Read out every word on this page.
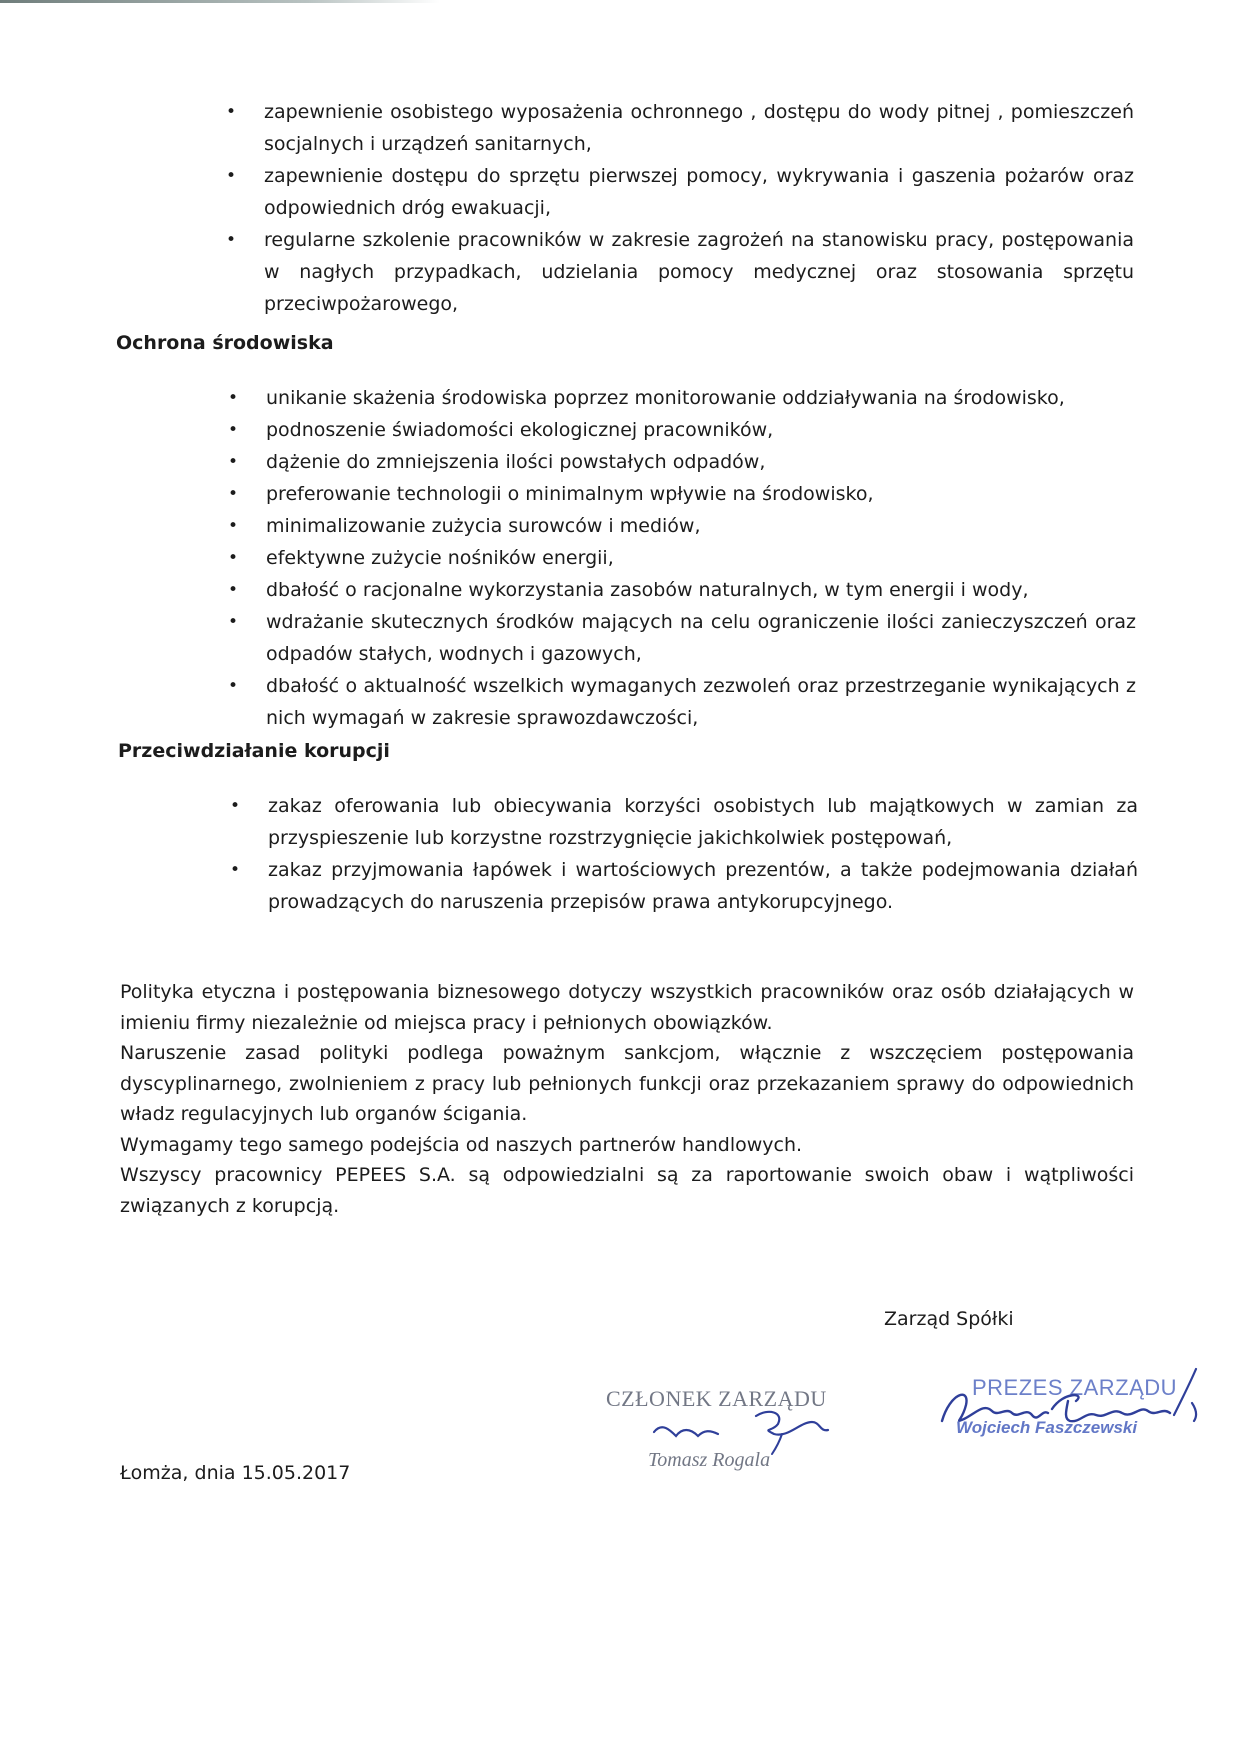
• zapewnienie osobistego wyposażenia ochronnego , dostępu do wody pitnej , pomieszczeń socjalnych i urządzeń sanitarnych,
• zapewnienie dostępu do sprzętu pierwszej pomocy, wykrywania i gaszenia pożarów oraz odpowiednich dróg ewakuacji,
• regularne szkolenie pracowników w zakresie zagrożeń na stanowisku pracy, postępowania w nagłych przypadkach, udzielania pomocy medycznej oraz stosowania sprzętu przeciwpożarowego,
Ochrona środowiska
• unikanie skażenia środowiska poprzez monitorowanie oddziaływania na środowisko,
• podnoszenie świadomości ekologicznej pracowników,
• dążenie do zmniejszenia ilości powstałych odpadów,
• preferowanie technologii o minimalnym wpływie na środowisko,
• minimalizowanie zużycia surowców i mediów,
• efektywne zużycie nośników energii,
• dbałość o racjonalne wykorzystania zasobów naturalnych, w tym energii i wody,
• wdrażanie skutecznych środków mających na celu ograniczenie ilości zanieczyszczeń oraz odpadów stałych, wodnych i gazowych,
• dbałość o aktualność wszelkich wymaganych zezwoleń oraz przestrzeganie wynikających z nich wymagań w zakresie sprawozdawczości,
Przeciwdziałanie korupcji
• zakaz oferowania lub obiecywania korzyści osobistych lub majątkowych w zamian za przyspieszenie lub korzystne rozstrzygnięcie jakichkolwiek postępowań,
• zakaz przyjmowania łapówek i wartościowych prezentów, a także podejmowania działań prowadzących do naruszenia przepisów prawa antykorupcyjnego.

Polityka etyczna i postępowania biznesowego dotyczy wszystkich pracowników oraz osób działających w imieniu firmy niezależnie od miejsca pracy i pełnionych obowiązków.

Naruszenie zasad polityki podlega poważnym sankcjom, włącznie z wszczęciem postępowania dyscyplinarnego, zwolnieniem z pracy lub pełnionych funkcji oraz przekazaniem sprawy do odpowiednich władz regulacyjnych lub organów ścigania.

Wymagamy tego samego podejścia od naszych partnerów handlowych.

Wszyscy pracownicy PEPEES S.A. są odpowiedzialni są za raportowanie swoich obaw i wątpliwości związanych z korupcją.

Zarząd Spółki
CZŁONEK ZARZĄDU
Tomasz Rogala
PREZES ZARZĄDU
Wojciech Faszczewski
Łomża, dnia 15.05.2017
